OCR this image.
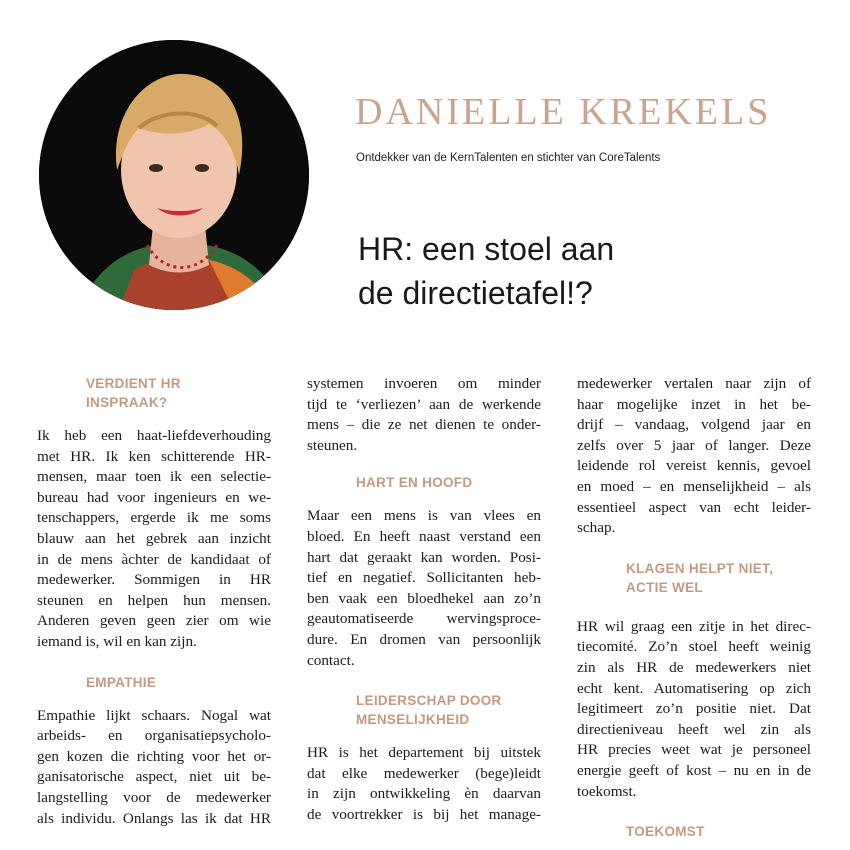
DANIELLE KREKELS
Ontdekker van de KernTalenten en stichter van CoreTalents
HR: een stoel aan
de directietafel!?
VERDIENT HR
INSPRAAK?

Ik heb een haat-liefdeverhouding
met HR. Ik ken schitterende HR-
mensen, maar toen ik een selectie-
bureau had voor ingenieurs en we-
tenschappers, ergerde ik me soms
blauw aan het gebrek aan inzicht
in de mens àchter de kandidaat of
medewerker. Sommigen in HR
steunen en helpen hun mensen.
Anderen geven geen zier om wie
iemand is, wil en kan zijn.

EMPATHIE

Empathie lijkt schaars. Nogal wat
arbeids- en organisatiepsycholo-
gen kozen die richting voor het or-
ganisatorische aspect, niet uit be-
langstelling voor de medewerker
als individu. Onlangs las ik dat HR

systemen invoeren om minder
tijd te ‘verliezen’ aan de werkende
mens – die ze net dienen te onder-
steunen.

HART EN HOOFD

Maar een mens is van vlees en
bloed. En heeft naast verstand een
hart dat geraakt kan worden. Posi-
tief en negatief. Sollicitanten heb-
ben vaak een bloedhekel aan zo’n
geautomatiseerde wervingsproce-
dure. En dromen van persoonlijk
contact.

LEIDERSCHAP DOOR
MENSELIJKHEID

HR is het departement bij uitstek
dat elke medewerker (bege)leidt
in zijn ontwikkeling èn daarvan
de voortrekker is bij het manage-

medewerker vertalen naar zijn of
haar mogelijke inzet in het be-
drijf – vandaag, volgend jaar en
zelfs over 5 jaar of langer. Deze
leidende rol vereist kennis, gevoel
en moed – en menselijkheid – als
essentieel aspect van echt leider-
schap.

KLAGEN HELPT NIET,
ACTIE WEL

HR wil graag een zitje in het direc-
tiecomité. Zo’n stoel heeft weinig
zin als HR de medewerkers niet
echt kent. Automatisering op zich
legitimeert zo’n positie niet. Dat
directieniveau heeft wel zin als
HR precies weet wat je personeel
energie geeft of kost – nu en in de
toekomst.

TOEKOMST
